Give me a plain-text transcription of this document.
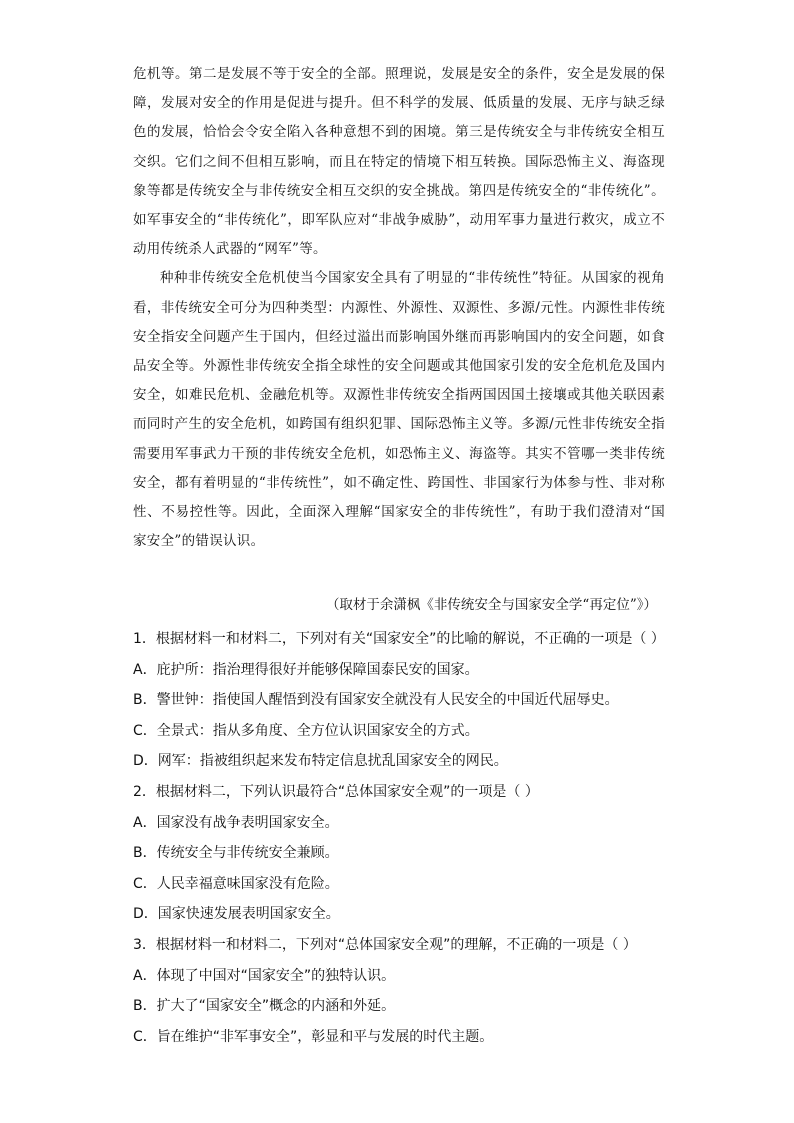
危机等。第二是发展不等于安全的全部。照理说，发展是安全的条件，安全是发展的保障，发展对安全的作用是促进与提升。但不科学的发展、低质量的发展、无序与缺乏绿色的发展，恰恰会令安全陷入各种意想不到的困境。第三是传统安全与非传统安全相互交织。它们之间不但相互影响，而且在特定的情境下相互转换。国际恐怖主义、海盗现象等都是传统安全与非传统安全相互交织的安全挑战。第四是传统安全的“非传统化”。如军事安全的“非传统化”，即军队应对“非战争威胁”，动用军事力量进行救灾，成立不动用传统杀人武器的“网军”等。

种种非传统安全危机使当今国家安全具有了明显的“非传统性”特征。从国家的视角看，非传统安全可分为四种类型：内源性、外源性、双源性、多源/元性。内源性非传统安全指安全问题产生于国内，但经过溢出而影响国外继而再影响国内的安全问题，如食品安全等。外源性非传统安全指全球性的安全问题或其他国家引发的安全危机危及国内安全，如难民危机、金融危机等。双源性非传统安全指两国因国土接壤或其他关联因素而同时产生的安全危机，如跨国有组织犯罪、国际恐怖主义等。多源/元性非传统安全指需要用军事武力干预的非传统安全危机，如恐怖主义、海盗等。其实不管哪一类非传统安全，都有着明显的“非传统性”，如不确定性、跨国性、非国家行为体参与性、非对称性、不易控性等。因此，全面深入理解“国家安全的非传统性”，有助于我们澄清对“国家安全”的错误认识。

（取材于余潇枫《非传统安全与国家安全学“再定位”》）
1．根据材料一和材料二，下列对有关“国家安全”的比喻的解说，不正确的一项是（ ）
A．庇护所：指治理得很好并能够保障国泰民安的国家。
B．警世钟：指使国人醒悟到没有国家安全就没有人民安全的中国近代屈辱史。
C．全景式：指从多角度、全方位认识国家安全的方式。
D．网军：指被组织起来发布特定信息扰乱国家安全的网民。
2．根据材料二，下列认识最符合“总体国家安全观”的一项是（ ）
A．国家没有战争表明国家安全。
B．传统安全与非传统安全兼顾。
C．人民幸福意味国家没有危险。
D．国家快速发展表明国家安全。
3．根据材料一和材料二，下列对“总体国家安全观”的理解，不正确的一项是（ ）
A．体现了中国对“国家安全”的独特认识。
B．扩大了“国家安全”概念的内涵和外延。
C．旨在维护“非军事安全”，彰显和平与发展的时代主题。
